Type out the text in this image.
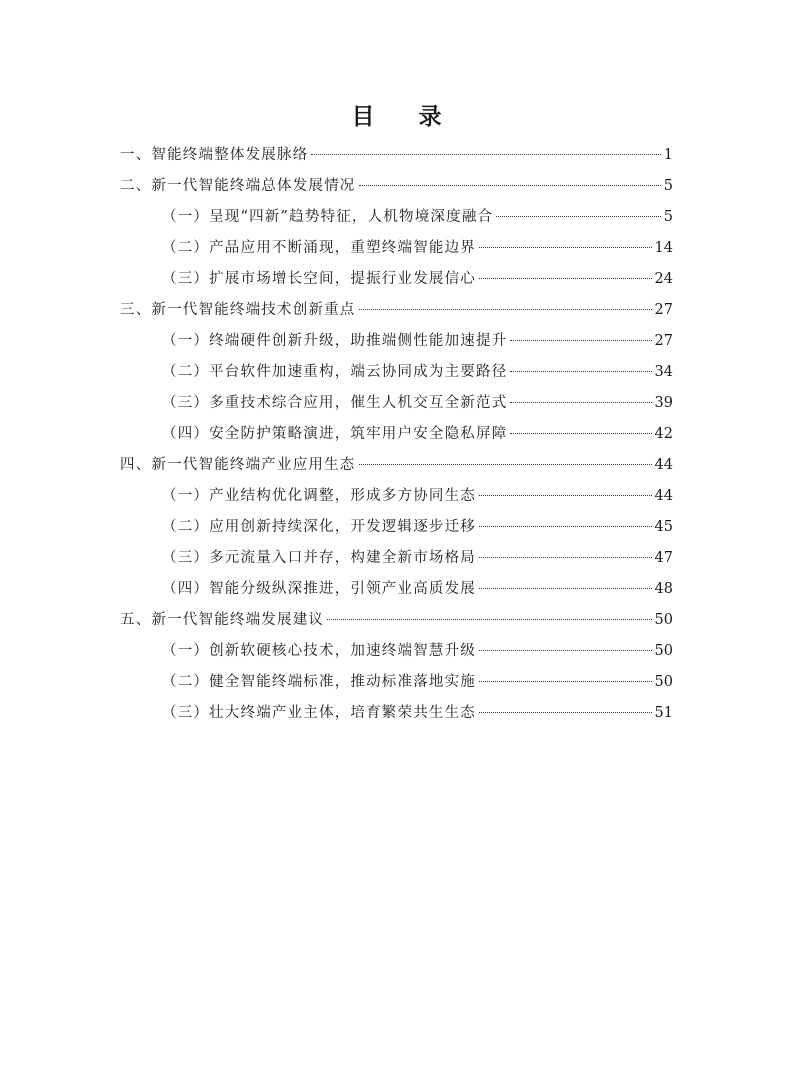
目 录
一、智能终端整体发展脉络	1
二、新一代智能终端总体发展情况	5
（一）呈现“四新”趋势特征，人机物境深度融合	5
（二）产品应用不断涌现，重塑终端智能边界	14
（三）扩展市场增长空间，提振行业发展信心	24
三、新一代智能终端技术创新重点	27
（一）终端硬件创新升级，助推端侧性能加速提升	27
（二）平台软件加速重构，端云协同成为主要路径	34
（三）多重技术综合应用，催生人机交互全新范式	39
（四）安全防护策略演进，筑牢用户安全隐私屏障	42
四、新一代智能终端产业应用生态	44
（一）产业结构优化调整，形成多方协同生态	44
（二）应用创新持续深化，开发逻辑逐步迁移	45
（三）多元流量入口并存，构建全新市场格局	47
（四）智能分级纵深推进，引领产业高质发展	48
五、新一代智能终端发展建议	50
（一）创新软硬核心技术，加速终端智慧升级	50
（二）健全智能终端标准，推动标准落地实施	50
（三）壮大终端产业主体，培育繁荣共生生态	51
